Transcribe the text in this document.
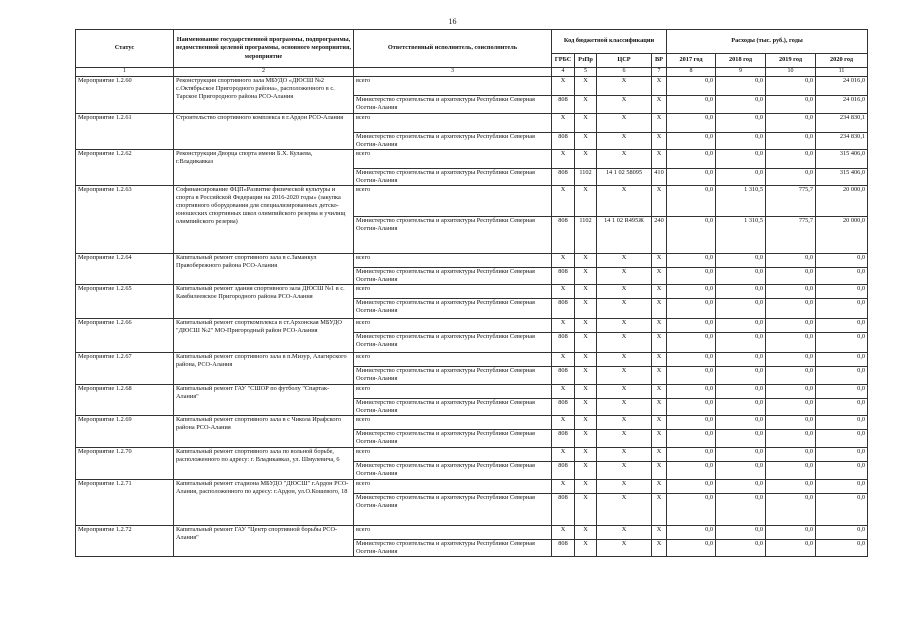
16
Статус	Наименование государственной программы, подпрограммы, ведомственной целевой программы, основного мероприятия, мероприятие	Ответственный исполнитель, соисполнитель	Код бюджетной классификации				Расходы (тыс. руб.), годы			
			ГРБС	РзПр	ЦСР	ВР	2017 год	2018 год	2019 год	2020 год
1	2	3	4	5	6	7	8	9	10	11
Мероприятие 1.2.60	Реконструкция спортивного зала МБУДО «ДЮСШ №2 с.Октябрьское Пригородного района», расположенного в с. Тарское Пригородного района РСО-Алания	всего	X	X	X	X	0,0	0,0	0,0	24 016,0
		Министерство строительства и архитектуры Республики Северная Осетия-Алания	808	X	X	X	0,0	0,0	0,0	24 016,0
Мероприятие 1.2.61	Строительство спортивного комплекса в г.Ардон РСО-Алания	всего	X	X	X	X	0,0	0,0	0,0	234 830,1
		Министерство строительства и архитектуры Республики Северная Осетия-Алания	808	X	X	X	0,0	0,0	0,0	234 830,1
Мероприятие 1.2.62	Реконструкция Дворца спорта имени Б.Х. Кулаева, г.Владикавказ	всего	X	X	X	X	0,0	0,0	0,0	315 406,0
		Министерство строительства и архитектуры Республики Северная Осетия-Алания	808	1102	14 1 02 58095	410	0,0	0,0	0,0	315 406,0
Мероприятие 1.2.63	Софинансирование ФЦП«Развитие физической культуры и спорта в Российской Федерации на 2016-2020 годы» (закупка спортивного оборудования для специализированных детско-юношеских спортивных школ олимпийского резерва и училищ олимпийского резерва)	всего	X	X	X	X	0,0	1 310,5	775,7	20 000,0
		Министерство строительства и архитектуры Республики Северная Осетия-Алания	808	1102	14 1 02 R495Ж	240	0,0	1 310,5	775,7	20 000,0
Мероприятие 1.2.64	Капитальный ремонт спортивного зала в с.Заманкул Правобережного района РСО-Алания	всего	X	X	X	X	0,0	0,0	0,0	0,0
		Министерство строительства и архитектуры Республики Северная Осетия-Алания	808	X	X	X	0,0	0,0	0,0	0,0
Мероприятие 1.2.65	Капитальный ремонт здания спортивного зала ДЮСШ №1 в с. Камбилеевское Пригородного района РСО-Алания	всего	X	X	X	X	0,0	0,0	0,0	0,0
		Министерство строительства и архитектуры Республики Северная Осетия-Алания	808	X	X	X	0,0	0,0	0,0	0,0
Мероприятие 1.2.66	Капитальный ремонт спорткомплекса в ст.Архонская МБУДО "ДЮСШ №2" МО-Пригородный район РСО-Алания	всего	X	X	X	X	0,0	0,0	0,0	0,0
		Министерство строительства и архитектуры Республики Северная Осетия-Алания	808	X	X	X	0,0	0,0	0,0	0,0
Мероприятие 1.2.67	Капитальный ремонт спортивного зала в п.Мизур, Алагирского района, РСО-Алания	всего	X	X	X	X	0,0	0,0	0,0	0,0
		Министерство строительства и архитектуры Республики Северная Осетия-Алания	808	X	X	X	0,0	0,0	0,0	0,0
Мероприятие 1.2.68	Капитальный ремонт ГАУ "СШОР по футболу "Спартак-Алания"	всего	X	X	X	X	0,0	0,0	0,0	0,0
		Министерство строительства и архитектуры Республики Северная Осетия-Алания	808	X	X	X	0,0	0,0	0,0	0,0
Мероприятие 1.2.69	Капитальный ремонт спортивного зала в с Чикола Ирафского района РСО-Алания	всего	X	X	X	X	0,0	0,0	0,0	0,0
		Министерство строительства и архитектуры Республики Северная Осетия-Алания	808	X	X	X	0,0	0,0	0,0	0,0
Мероприятие 1.2.70	Капитальный ремонт спортивного зала по вольной борьбе, расположенного по адресу: г. Владикавказ, ул. Шмулевича, 6	всего	X	X	X	X	0,0	0,0	0,0	0,0
		Министерство строительства и архитектуры Республики Северная Осетия-Алания	808	X	X	X	0,0	0,0	0,0	0,0
Мероприятие 1.2.71	Капитальный ремонт стадиона МБУДО "ДЮСШ" г.Ардон РСО-Алания, расположенного по адресу: г.Ардон, ул.О.Кошевого, 18	всего	X	X	X	X	0,0	0,0	0,0	0,0
		Министерство строительства и архитектуры Республики Северная Осетия-Алания	808	X	X	X	0,0	0,0	0,0	0,0
Мероприятие 1.2.72	Капитальный ремонт ГАУ "Центр спортивной борьбы РСО-Алания"	всего	X	X	X	X	0,0	0,0	0,0	0,0
		Министерство строительства и архитектуры Республики Северная Осетия-Алания	808	X	X	X	0,0	0,0	0,0	0,0
